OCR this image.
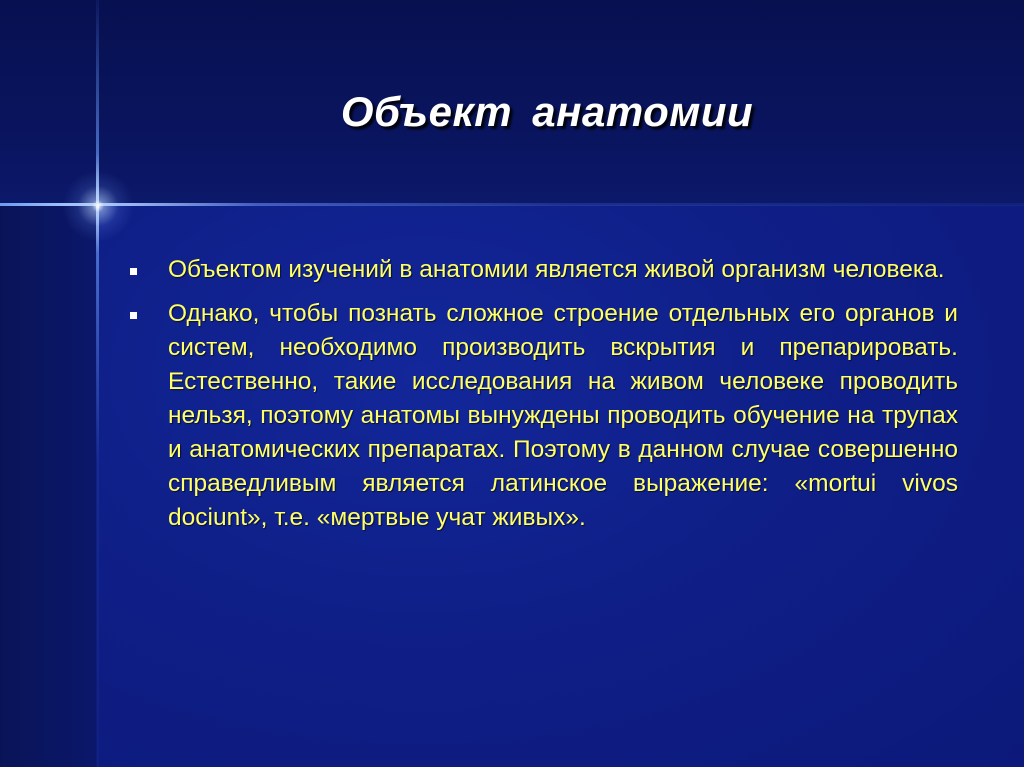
Объект анатомии
Объектом изучений в анатомии является живой организм человека.
Однако, чтобы познать сложное строение отдельных его органов и систем, необходимо производить вскрытия и препарировать. Естественно, такие исследования на живом человеке проводить нельзя, поэтому анатомы вынуждены проводить обучение на трупах и анатомических препаратах. Поэтому в данном случае совершенно справедливым является латинское выражение: «mortui vivos dociunt», т.е. «мертвые учат живых».
